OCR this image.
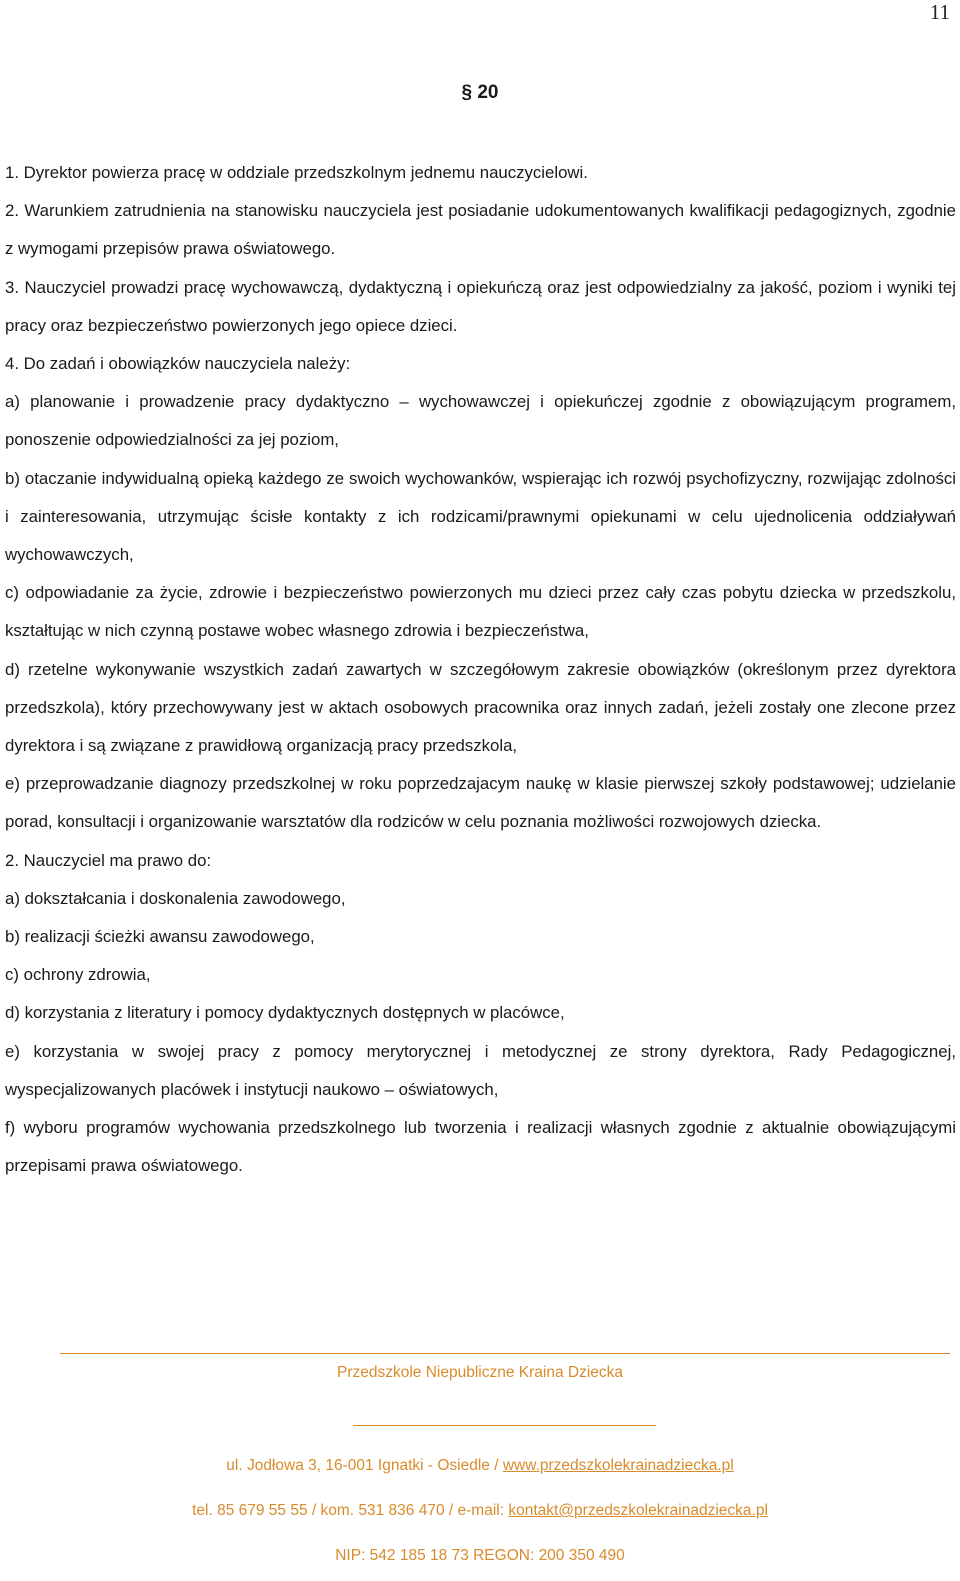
11
§ 20

1. Dyrektor powierza pracę w oddziale przedszkolnym jednemu nauczycielowi.

2. Warunkiem zatrudnienia na stanowisku nauczyciela jest posiadanie udokumentowanych kwalifikacji pedagogiznych, zgodnie z wymogami przepisów prawa oświatowego.

3. Nauczyciel prowadzi pracę wychowawczą, dydaktyczną i opiekuńczą oraz jest odpowiedzialny za jakość, poziom i wyniki tej pracy oraz bezpieczeństwo powierzonych jego opiece dzieci.

4. Do zadań i obowiązków nauczyciela należy:

a) planowanie i prowadzenie pracy dydaktyczno – wychowawczej i opiekuńczej zgodnie z obowiązującym programem, ponoszenie odpowiedzialności za jej poziom,

b) otaczanie indywidualną opieką każdego ze swoich wychowanków, wspierając ich rozwój psychofizyczny, rozwijając zdolności i zainteresowania, utrzymując ścisłe kontakty z ich rodzicami/prawnymi opiekunami w celu ujednolicenia oddziaływań wychowawczych,

c) odpowiadanie za życie, zdrowie i bezpieczeństwo powierzonych mu dzieci przez cały czas pobytu dziecka w przedszkolu, kształtując w nich czynną postawe wobec własnego zdrowia i bezpieczeństwa,

d) rzetelne wykonywanie wszystkich zadań zawartych w szczegółowym zakresie obowiązków (określonym przez dyrektora przedszkola), który przechowywany jest w aktach osobowych pracownika oraz innych zadań, jeżeli zostały one zlecone przez dyrektora i są związane z prawidłową organizacją pracy przedszkola,

e) przeprowadzanie diagnozy przedszkolnej w roku poprzedzajacym naukę w klasie pierwszej szkoły podstawowej; udzielanie porad, konsultacji i organizowanie warsztatów dla rodziców w celu poznania możliwości rozwojowych dziecka.

2. Nauczyciel ma prawo do:

a) dokształcania i doskonalenia zawodowego,

b) realizacji ścieżki awansu zawodowego,

c) ochrony zdrowia,

d) korzystania z literatury i pomocy dydaktycznych dostępnych w placówce,

e) korzystania w swojej pracy z pomocy merytorycznej i metodycznej ze strony dyrektora, Rady Pedagogicznej, wyspecjalizowanych placówek i instytucji naukowo – oświatowych,

f) wyboru programów wychowania przedszkolnego lub tworzenia i realizacji własnych zgodnie z aktualnie obowiązującymi przepisami prawa oświatowego.

Przedszkole Niepubliczne Kraina Dziecka
ul. Jodłowa 3, 16-001 Ignatki - Osiedle / www.przedszkolekrainadziecka.pl
tel. 85 679 55 55 / kom. 531 836 470 / e-mail: kontakt@przedszkolekrainadziecka.pl
NIP: 542 185 18 73 REGON: 200 350 490
